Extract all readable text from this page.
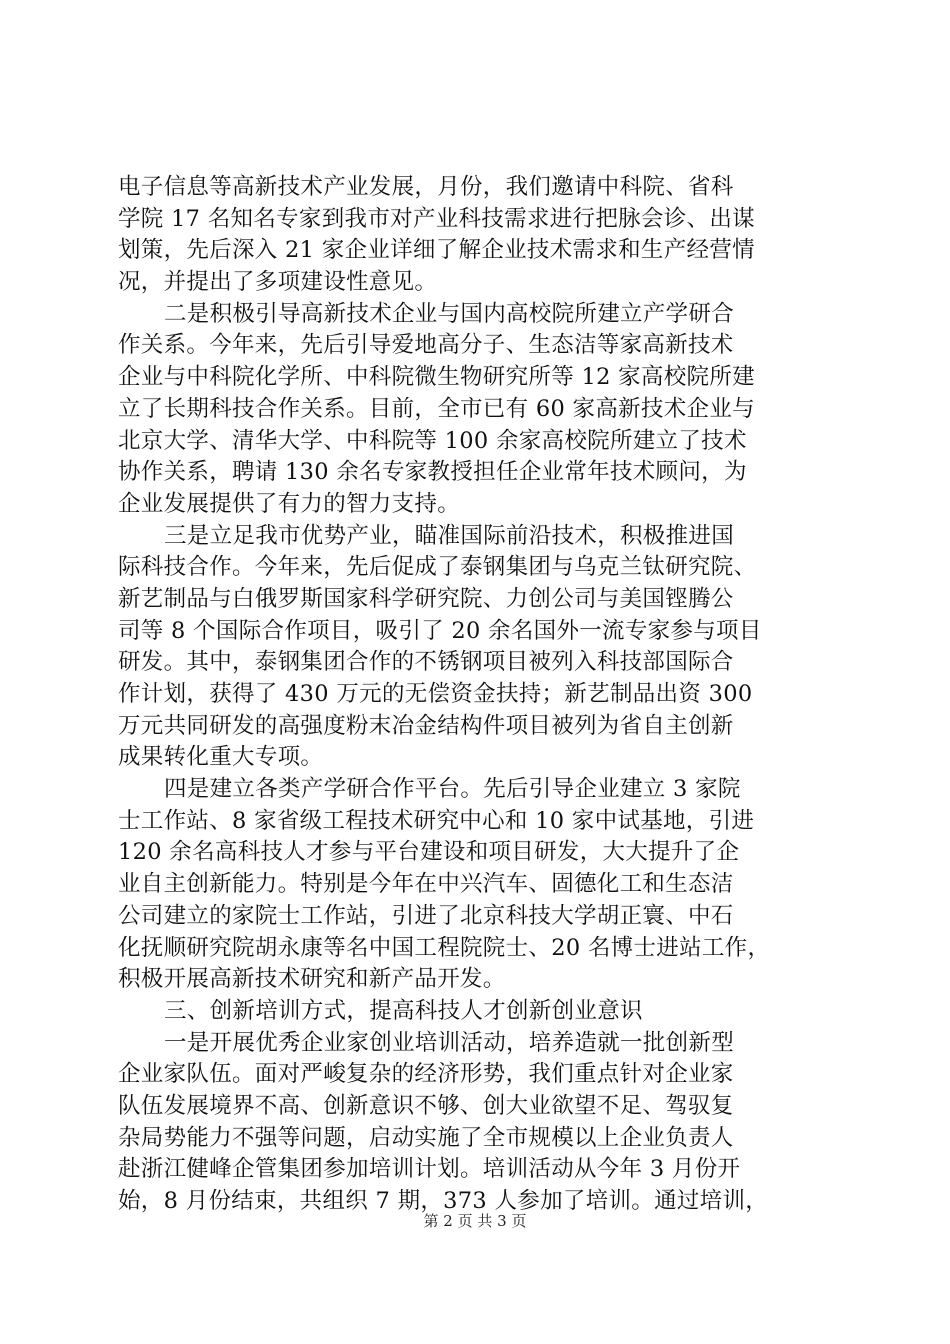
电子信息等高新技术产业发展，月份，我们邀请中科院、省科
学院 17 名知名专家到我市对产业科技需求进行把脉会诊、出谋
划策，先后深入 21 家企业详细了解企业技术需求和生产经营情
况，并提出了多项建设性意见。
二是积极引导高新技术企业与国内高校院所建立产学研合
作关系。今年来，先后引导爱地高分子、生态洁等家高新技术
企业与中科院化学所、中科院微生物研究所等 12 家高校院所建
立了长期科技合作关系。目前，全市已有 60 家高新技术企业与
北京大学、清华大学、中科院等 100 余家高校院所建立了技术
协作关系，聘请 130 余名专家教授担任企业常年技术顾问，为
企业发展提供了有力的智力支持。
三是立足我市优势产业，瞄准国际前沿技术，积极推进国
际科技合作。今年来，先后促成了泰钢集团与乌克兰钛研究院、
新艺制品与白俄罗斯国家科学研究院、力创公司与美国铿腾公
司等 8 个国际合作项目，吸引了 20 余名国外一流专家参与项目
研发。其中，泰钢集团合作的不锈钢项目被列入科技部国际合
作计划，获得了 430 万元的无偿资金扶持；新艺制品出资 300
万元共同研发的高强度粉末冶金结构件项目被列为省自主创新
成果转化重大专项。
四是建立各类产学研合作平台。先后引导企业建立 3 家院
士工作站、8 家省级工程技术研究中心和 10 家中试基地，引进
120 余名高科技人才参与平台建设和项目研发，大大提升了企
业自主创新能力。特别是今年在中兴汽车、固德化工和生态洁
公司建立的家院士工作站，引进了北京科技大学胡正寰、中石
化抚顺研究院胡永康等名中国工程院院士、20 名博士进站工作，
积极开展高新技术研究和新产品开发。
三、创新培训方式，提高科技人才创新创业意识
一是开展优秀企业家创业培训活动，培养造就一批创新型
企业家队伍。面对严峻复杂的经济形势，我们重点针对企业家
队伍发展境界不高、创新意识不够、创大业欲望不足、驾驭复
杂局势能力不强等问题，启动实施了全市规模以上企业负责人
赴浙江健峰企管集团参加培训计划。培训活动从今年 3 月份开
始，8 月份结束，共组织 7 期，373 人参加了培训。通过培训，
第 2 页 共 3 页
